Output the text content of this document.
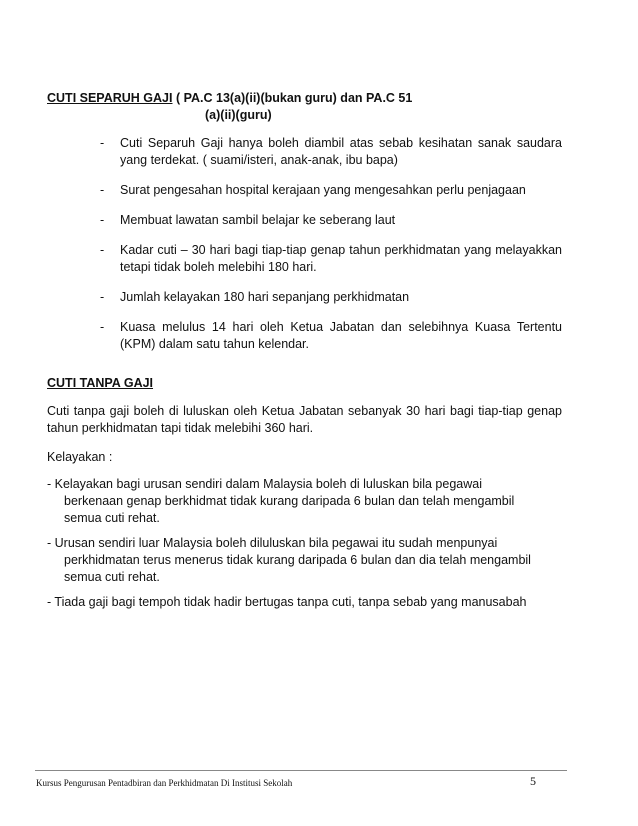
CUTI SEPARUH GAJI ( PA.C 13(a)(ii)(bukan guru) dan PA.C 51
(a)(ii)(guru)
-	Cuti Separuh Gaji hanya boleh diambil atas sebab kesihatan sanak saudara yang terdekat. ( suami/isteri, anak-anak, ibu bapa)
-	Surat pengesahan hospital kerajaan yang mengesahkan perlu penjagaan
-	Membuat lawatan sambil belajar ke seberang laut
-	Kadar cuti – 30 hari bagi tiap-tiap genap tahun perkhidmatan yang melayakkan tetapi tidak boleh melebihi 180 hari.
-	Jumlah kelayakan 180 hari sepanjang perkhidmatan
-	Kuasa melulus 14 hari oleh Ketua Jabatan dan selebihnya Kuasa Tertentu (KPM) dalam satu tahun kelendar.
CUTI TANPA GAJI
Cuti tanpa gaji boleh di luluskan oleh Ketua Jabatan sebanyak 30 hari bagi tiap-tiap genap tahun perkhidmatan tapi tidak melebihi 360 hari.
Kelayakan :
- Kelayakan bagi urusan sendiri dalam Malaysia boleh di luluskan bila pegawai
berkenaan genap berkhidmat tidak kurang daripada 6 bulan dan telah mengambil
semua cuti rehat.
- Urusan sendiri luar Malaysia boleh diluluskan bila pegawai itu sudah menpunyai
perkhidmatan terus menerus tidak kurang daripada 6 bulan dan dia telah mengambil
semua cuti rehat.
- Tiada gaji bagi tempoh tidak hadir bertugas tanpa cuti, tanpa sebab yang manusabah
Kursus Pengurusan Pentadbiran dan Perkhidmatan Di Institusi Sekolah	5
